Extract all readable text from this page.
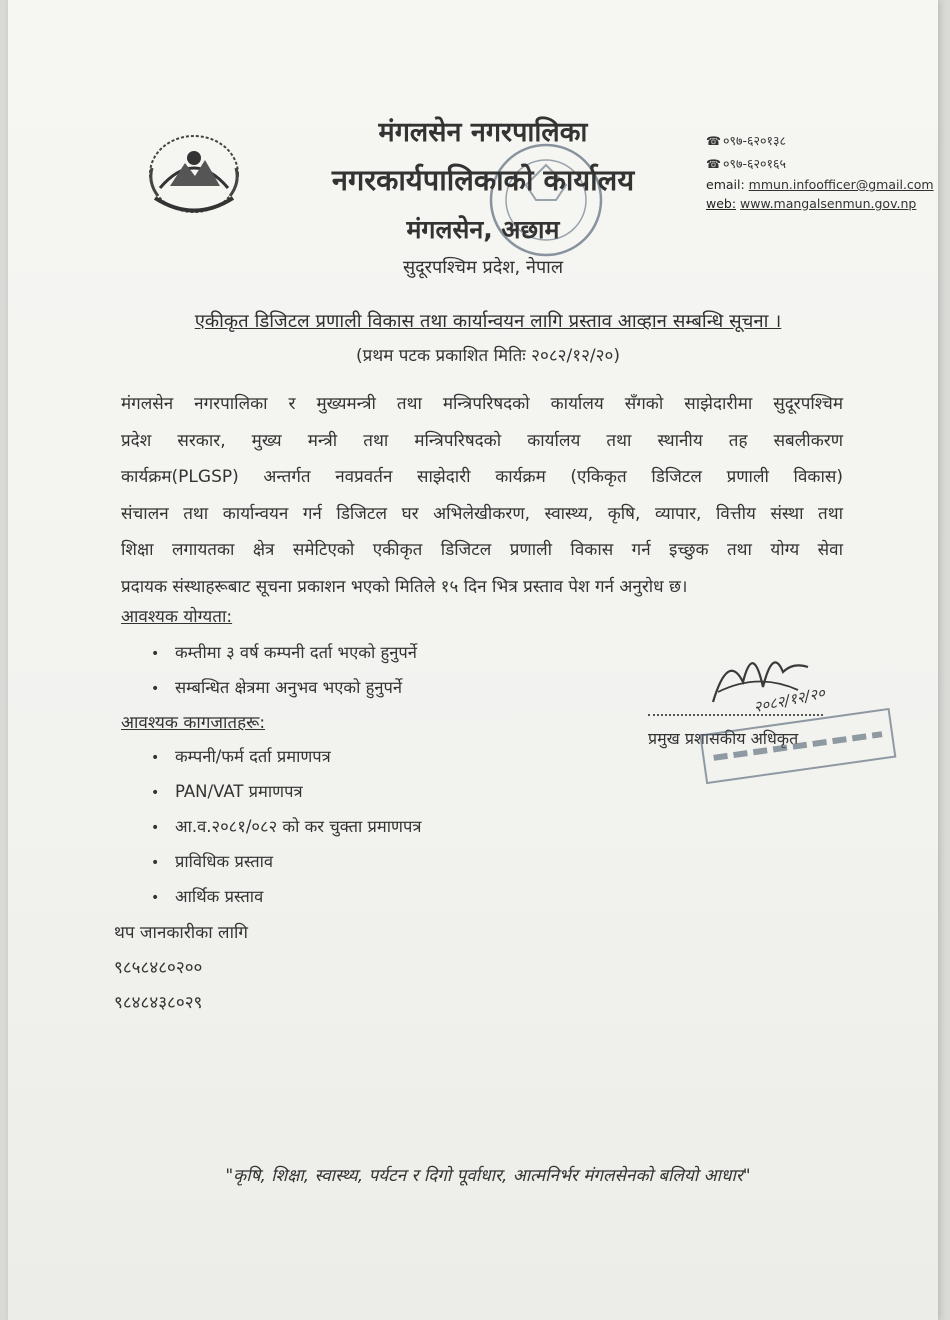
मंगलसेन नगरपालिका
नगरकार्यपालिकाको कार्यालय
मंगलसेन, अछाम
सुदूरपश्चिम प्रदेश, नेपाल
☎ ०९७-६२०१३८
☎ ०९७-६२०१६५
email: mmun.infoofficer@gmail.com
web: www.mangalsenmun.gov.np
एकीकृत डिजिटल प्रणाली विकास तथा कार्यान्वयन लागि प्रस्ताव आव्हान सम्बन्धि सूचना ।
(प्रथम पटक प्रकाशित मितिः २०८२/१२/२०)
मंगलसेन नगरपालिका र मुख्यमन्त्री तथा मन्त्रिपरिषदको कार्यालय सँगको साझेदारीमा सुदूरपश्चिम
प्रदेश सरकार, मुख्य मन्त्री तथा मन्त्रिपरिषदको कार्यालय तथा स्थानीय तह सबलीकरण
कार्यक्रम(PLGSP) अन्तर्गत नवप्रवर्तन साझेदारी कार्यक्रम (एकिकृत डिजिटल प्रणाली विकास)
संचालन तथा कार्यान्वयन गर्न डिजिटल घर अभिलेखीकरण, स्वास्थ्य, कृषि, व्यापार, वित्तीय संस्था तथा
शिक्षा लगायतका क्षेत्र समेटिएको एकीकृत डिजिटल प्रणाली विकास गर्न इच्छुक तथा योग्य सेवा
प्रदायक संस्थाहरूबाट सूचना प्रकाशन भएको मितिले १५ दिन भित्र प्रस्ताव पेश गर्न अनुरोध छ।
आवश्यक योग्यता:
• कम्तीमा ३ वर्ष कम्पनी दर्ता भएको हुनुपर्ने
• सम्बन्धित क्षेत्रमा अनुभव भएको हुनुपर्ने
आवश्यक कागजातहरू:
• कम्पनी/फर्म दर्ता प्रमाणपत्र
• PAN/VAT प्रमाणपत्र
• आ.व.२०८१/०८२ को कर चुक्ता प्रमाणपत्र
• प्राविधिक प्रस्ताव
• आर्थिक प्रस्ताव
थप जानकारीका लागि
९८५८४८०२००
९८४८४३८०२९
२०८२/१२/२०
प्रमुख प्रशासकीय अधिकृत
"कृषि, शिक्षा, स्वास्थ्य, पर्यटन र दिगो पूर्वाधार, आत्मनिर्भर मंगलसेनको बलियो आधार"
